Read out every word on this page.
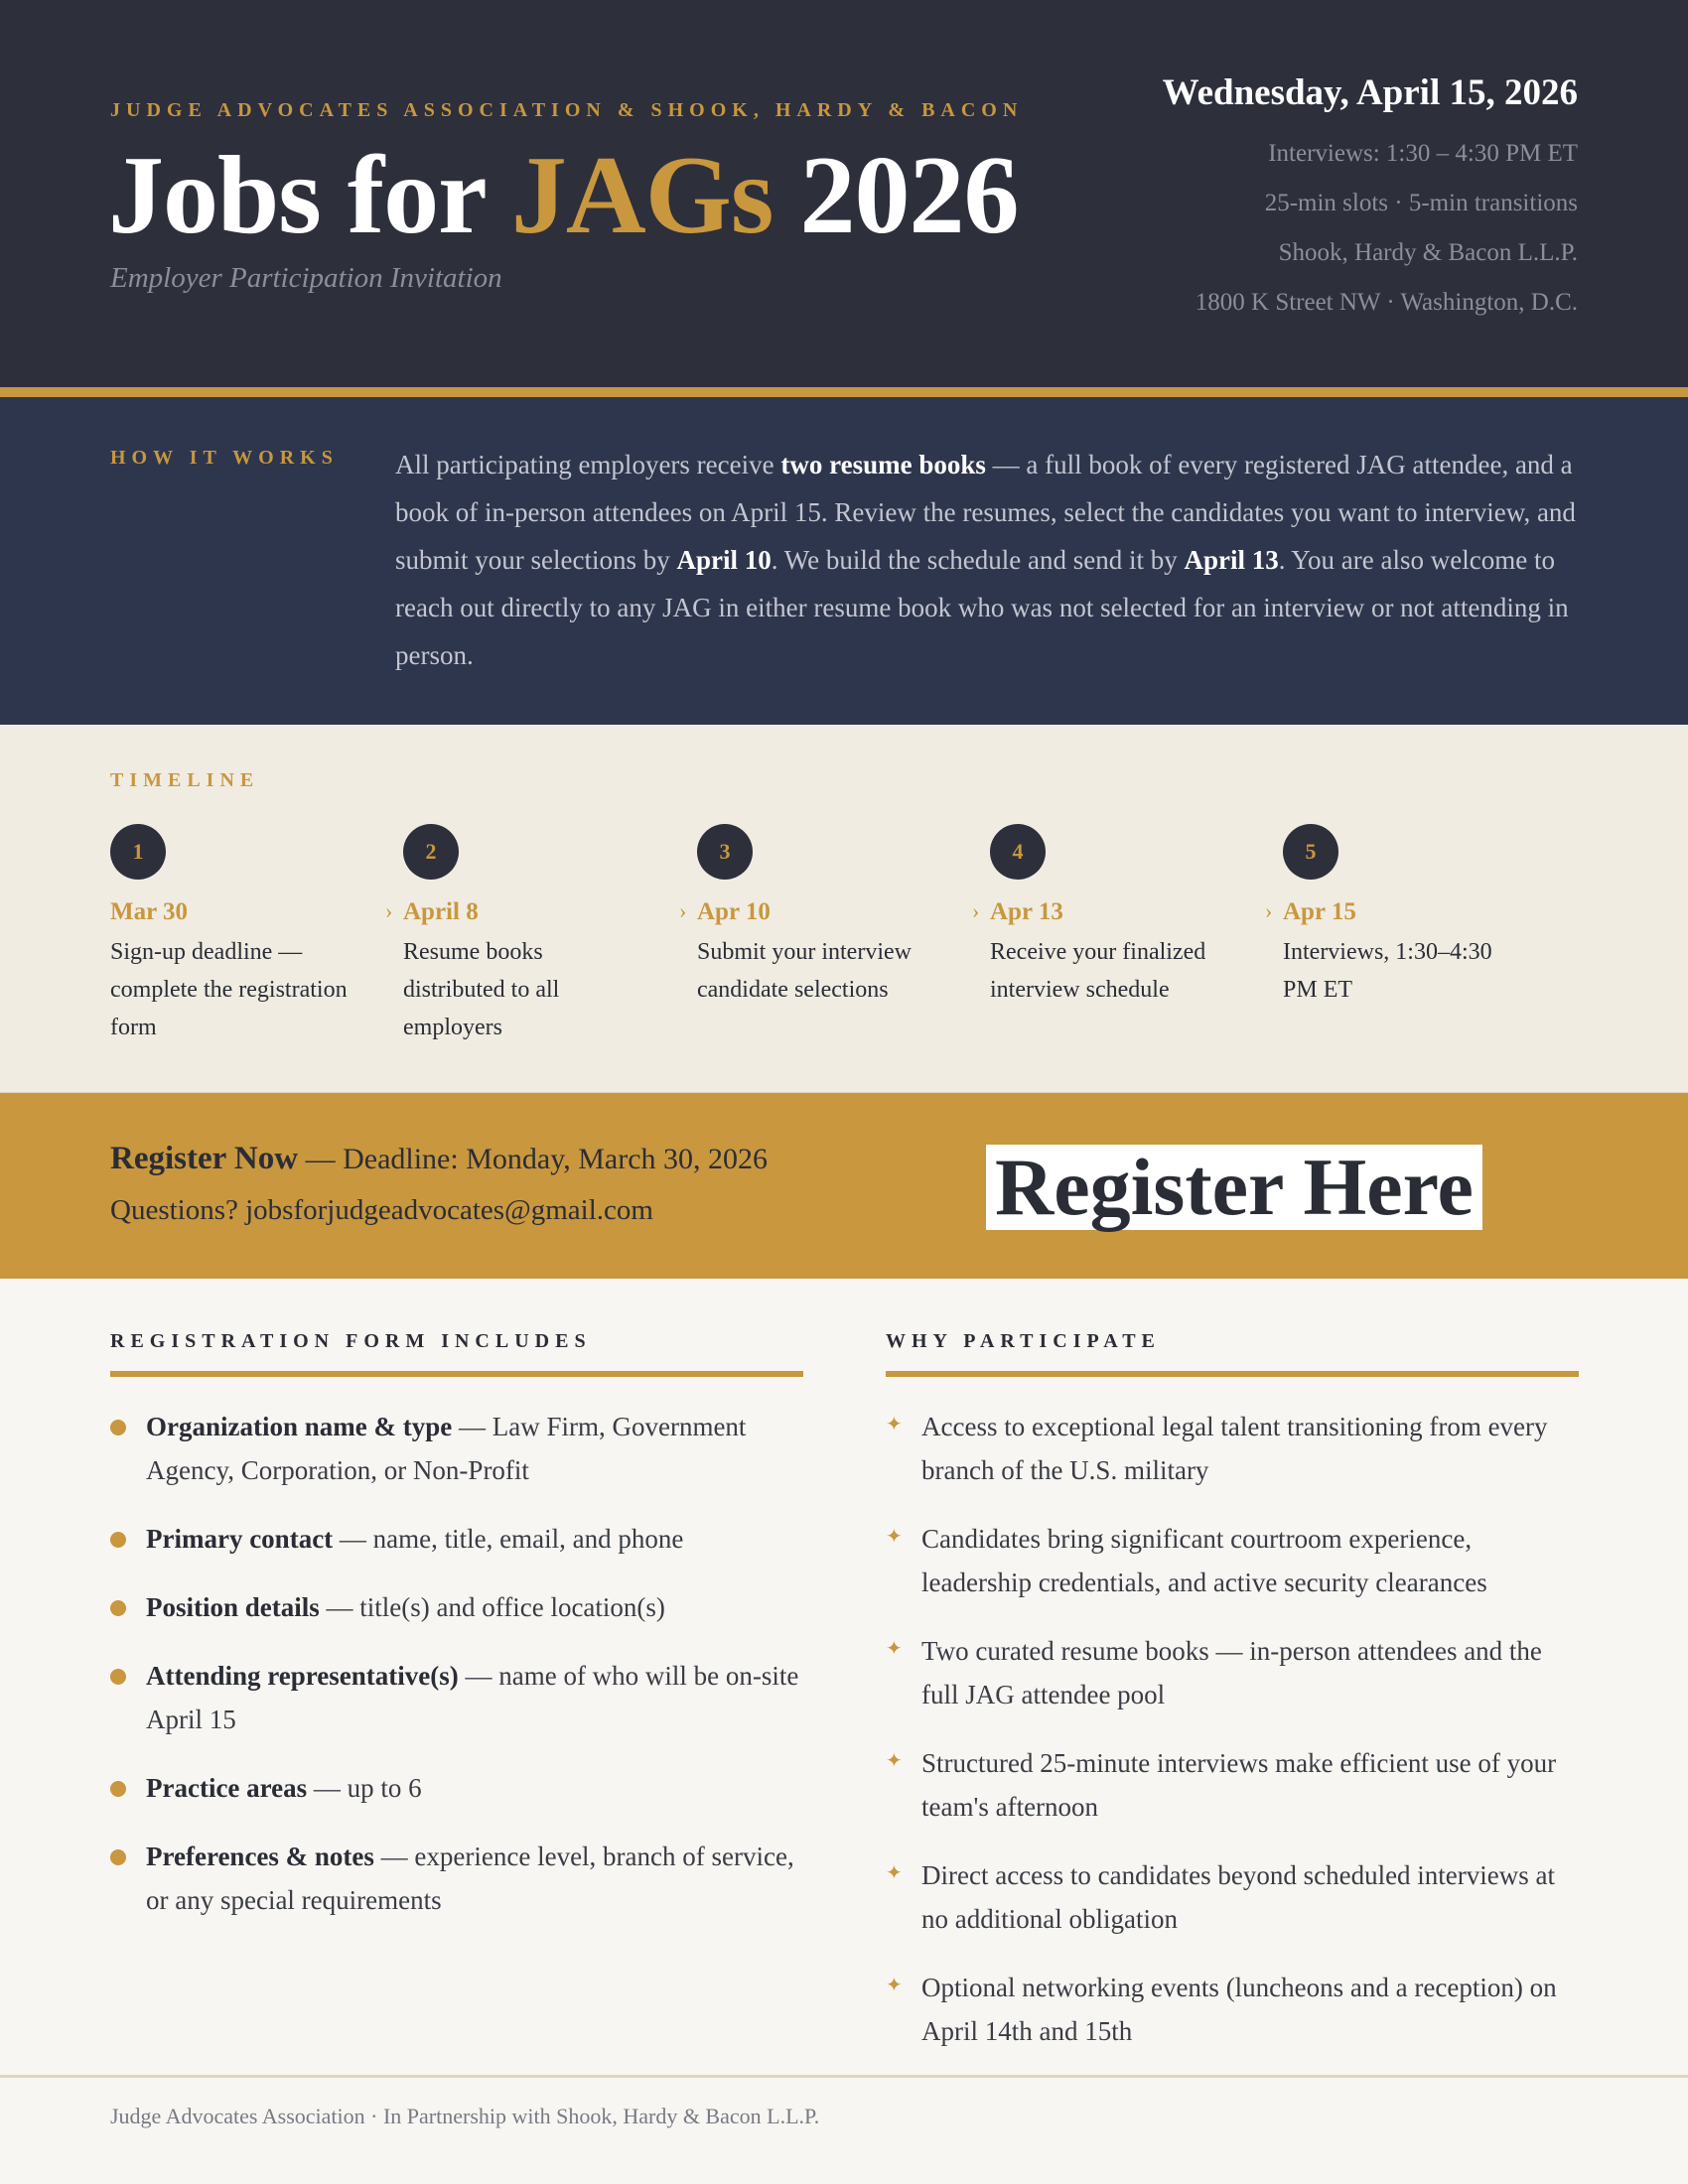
JUDGE ADVOCATES ASSOCIATION & SHOOK, HARDY & BACON
Jobs for JAGs 2026
Employer Participation Invitation
Wednesday, April 15, 2026
Interviews: 1:30 – 4:30 PM ET
25-min slots · 5-min transitions
Shook, Hardy & Bacon L.L.P.
1800 K Street NW · Washington, D.C.
HOW IT WORKS All participating employers receive two resume books — a full book of every registered JAG attendee, and a book of in-person attendees on April 15. Review the resumes, select the candidates you want to interview, and submit your selections by April 10. We build the schedule and send it by April 13. You are also welcome to reach out directly to any JAG in either resume book who was not selected for an interview or not attending in person.
TIMELINE
1
Mar 30
Sign-up deadline — complete the registration form
2
› April 8
Resume books distributed to all employers
3
› Apr 10
Submit your interview candidate selections
4
› Apr 13
Receive your finalized interview schedule
5
› Apr 15
Interviews, 1:30–4:30 PM ET
Register Now — Deadline: Monday, March 30, 2026
Questions? jobsforjudgeadvocates@gmail.com	Register Here
REGISTRATION FORM INCLUDES
Organization name & type — Law Firm, Government Agency, Corporation, or Non-Profit
Primary contact — name, title, email, and phone
Position details — title(s) and office location(s)
Attending representative(s) — name of who will be on-site April 15
Practice areas — up to 6
Preferences & notes — experience level, branch of service, or any special requirements
WHY PARTICIPATE
✦ Access to exceptional legal talent transitioning from every branch of the U.S. military
✦ Candidates bring significant courtroom experience, leadership credentials, and active security clearances
✦ Two curated resume books — in-person attendees and the full JAG attendee pool
✦ Structured 25-minute interviews make efficient use of your team's afternoon
✦ Direct access to candidates beyond scheduled interviews at no additional obligation
✦ Optional networking events (luncheons and a reception) on April 14th and 15th
Judge Advocates Association · In Partnership with Shook, Hardy & Bacon L.L.P.
